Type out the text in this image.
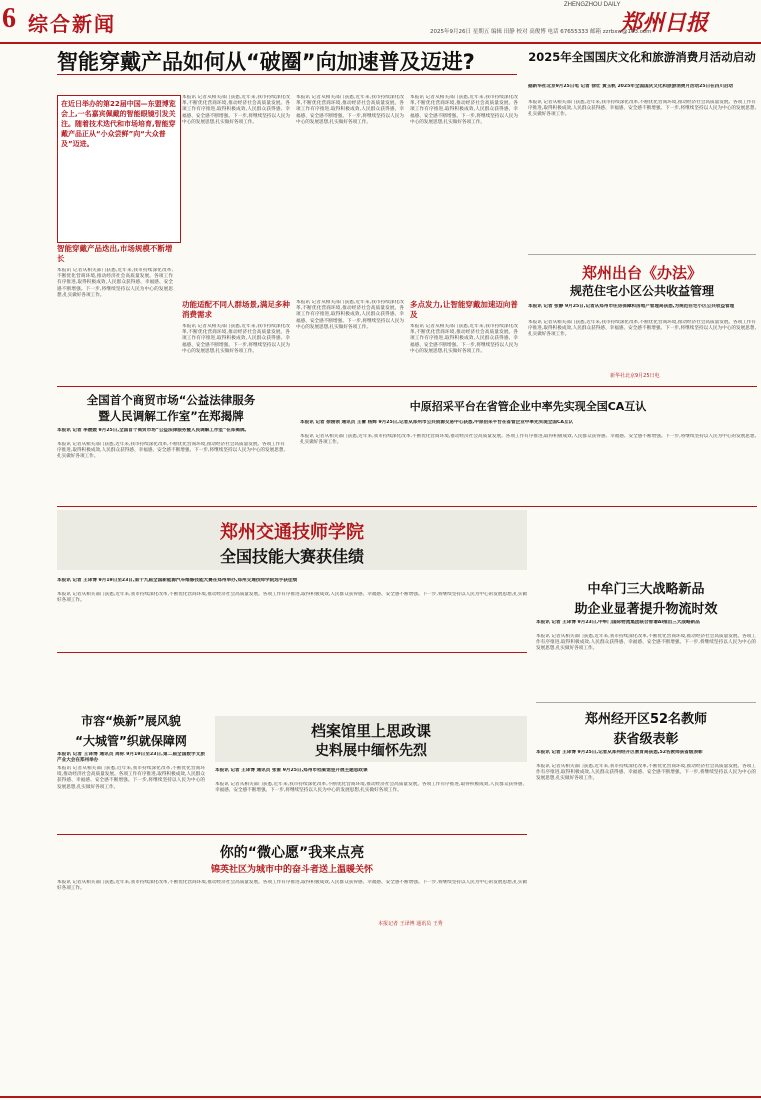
6 综合新闻
ZHENGZHOU DAILY
郑州日报
2025年9月26日 星期五 编辑 田静 校对 高俊博 电话 67655333 邮箱 zzrbxw@163.com
智能穿戴产品如何从“破圈”向加速普及迈进?
在近日举办的第22届中国—东盟博览会上,一名嘉宾佩戴的智能眼镜引发关注。随着技术迭代和市场培育,智能穿戴产品正从“小众尝鲜”向“大众普及”迈进。
本报讯 记者从相关部门获悉,近年来,我市持续深化改革,不断优化营商环境,推动经济社会高质量发展。各项工作有序推进,取得积极成效,人民群众获得感、幸福感、安全感不断增强。下一步,将继续坚持以人民为中心的发展思想,扎实做好各项工作。
本报讯 记者从相关部门获悉,近年来,我市持续深化改革,不断优化营商环境,推动经济社会高质量发展。各项工作有序推进,取得积极成效,人民群众获得感、幸福感、安全感不断增强。下一步,将继续坚持以人民为中心的发展思想,扎实做好各项工作。
本报讯 记者从相关部门获悉,近年来,我市持续深化改革,不断优化营商环境,推动经济社会高质量发展。各项工作有序推进,取得积极成效,人民群众获得感、幸福感、安全感不断增强。下一步,将继续坚持以人民为中心的发展思想,扎实做好各项工作。
智能穿戴产品迭出,市场规模不断增长
本报讯 记者从相关部门获悉,近年来,我市持续深化改革,不断优化营商环境,推动经济社会高质量发展。各项工作有序推进,取得积极成效,人民群众获得感、幸福感、安全感不断增强。下一步,将继续坚持以人民为中心的发展思想,扎实做好各项工作。
功能适配不同人群场景,满足多种消费需求
本报讯 记者从相关部门获悉,近年来,我市持续深化改革,不断优化营商环境,推动经济社会高质量发展。各项工作有序推进,取得积极成效,人民群众获得感、幸福感、安全感不断增强。下一步,将继续坚持以人民为中心的发展思想,扎实做好各项工作。
本报讯 记者从相关部门获悉,近年来,我市持续深化改革,不断优化营商环境,推动经济社会高质量发展。各项工作有序推进,取得积极成效,人民群众获得感、幸福感、安全感不断增强。下一步,将继续坚持以人民为中心的发展思想,扎实做好各项工作。
多点发力,让智能穿戴加速迈向普及
本报讯 记者从相关部门获悉,近年来,我市持续深化改革,不断优化营商环境,推动经济社会高质量发展。各项工作有序推进,取得积极成效,人民群众获得感、幸福感、安全感不断增强。下一步,将继续坚持以人民为中心的发展思想,扎实做好各项工作。
2025年全国国庆文化和旅游消费月活动启动
据新华社北京9月25日电 记者 徐壮 黄玉帆 2025年全国国庆文化和旅游消费月活动25日在四川启动
本报讯 记者从相关部门获悉,近年来,我市持续深化改革,不断优化营商环境,推动经济社会高质量发展。各项工作有序推进,取得积极成效,人民群众获得感、幸福感、安全感不断增强。下一步,将继续坚持以人民为中心的发展思想,扎实做好各项工作。
郑州出台《办法》
规范住宅小区公共收益管理
本报讯 记者 张静 9月25日,记者从郑州市住房保障和房地产管理局获悉,为规范住宅小区公共收益管理
本报讯 记者从相关部门获悉,近年来,我市持续深化改革,不断优化营商环境,推动经济社会高质量发展。各项工作有序推进,取得积极成效,人民群众获得感、幸福感、安全感不断增强。下一步,将继续坚持以人民为中心的发展思想,扎实做好各项工作。
新华社北京9月25日电
全国首个商贸市场“公益法律服务
暨人民调解工作室”在郑揭牌
本报讯 记者 李媛媛 9月25日,全国首个商贸市场“公益法律服务暨人民调解工作室”在郑揭牌。
本报讯 记者从相关部门获悉,近年来,我市持续深化改革,不断优化营商环境,推动经济社会高质量发展。各项工作有序推进,取得积极成效,人民群众获得感、幸福感、安全感不断增强。下一步,将继续坚持以人民为中心的发展思想,扎实做好各项工作。
中原招采平台在省管企业中率先实现全国CA互认
本报讯 记者 徐刚领 通讯员 王蕾 杨辉 9月25日,记者从郑州市公共资源交易中心获悉,中原招采平台在省管企业中率先实现全国CA互认
本报讯 记者从相关部门获悉,近年来,我市持续深化改革,不断优化营商环境,推动经济社会高质量发展。各项工作有序推进,取得积极成效,人民群众获得感、幸福感、安全感不断增强。下一步,将继续坚持以人民为中心的发展思想,扎实做好各项工作。
郑州交通技师学院
全国技能大赛获佳绩
本报讯 记者 王译博 9月19日至23日,第十九届全国新能源汽车维修技能大赛在郑州举办,郑州交通技师学院选手获佳绩
本报讯 记者从相关部门获悉,近年来,我市持续深化改革,不断优化营商环境,推动经济社会高质量发展。各项工作有序推进,取得积极成效,人民群众获得感、幸福感、安全感不断增强。下一步,将继续坚持以人民为中心的发展思想,扎实做好各项工作。
中牟门三大战略新品
助企业显著提升物流时效
本报讯 记者 王译博 9月23日,中牟门国际物流集团联合智谱AI推出三大战略新品
本报讯 记者从相关部门获悉,近年来,我市持续深化改革,不断优化营商环境,推动经济社会高质量发展。各项工作有序推进,取得积极成效,人民群众获得感、幸福感、安全感不断增强。下一步,将继续坚持以人民为中心的发展思想,扎实做好各项工作。
市容“焕新”展风貌
“大城管”织就保障网
本报讯 记者 王译博 通讯员 周标 9月19日至23日,第二届全国数字文旅产业大会在郑州举办
本报讯 记者从相关部门获悉,近年来,我市持续深化改革,不断优化营商环境,推动经济社会高质量发展。各项工作有序推进,取得积极成效,人民群众获得感、幸福感、安全感不断增强。下一步,将继续坚持以人民为中心的发展思想,扎实做好各项工作。
档案馆里上思政课
史料展中缅怀先烈
本报讯 记者 王译博 通讯员 张雷 9月25日,郑州市档案馆里开展主题思政课
本报讯 记者从相关部门获悉,近年来,我市持续深化改革,不断优化营商环境,推动经济社会高质量发展。各项工作有序推进,取得积极成效,人民群众获得感、幸福感、安全感不断增强。下一步,将继续坚持以人民为中心的发展思想,扎实做好各项工作。
郑州经开区52名教师
获省级表彰
本报讯 记者 王译博 9月25日,记者从郑州经开区教育局获悉,52名教师获省级表彰
本报讯 记者从相关部门获悉,近年来,我市持续深化改革,不断优化营商环境,推动经济社会高质量发展。各项工作有序推进,取得积极成效,人民群众获得感、幸福感、安全感不断增强。下一步,将继续坚持以人民为中心的发展思想,扎实做好各项工作。
你的“微心愿”我来点亮
锦英社区为城市中的奋斗者送上温暖关怀
本报讯 记者从相关部门获悉,近年来,我市持续深化改革,不断优化营商环境,推动经济社会高质量发展。各项工作有序推进,取得积极成效,人民群众获得感、幸福感、安全感不断增强。下一步,将继续坚持以人民为中心的发展思想,扎实做好各项工作。
本报记者 王译博 通讯员 王秀
